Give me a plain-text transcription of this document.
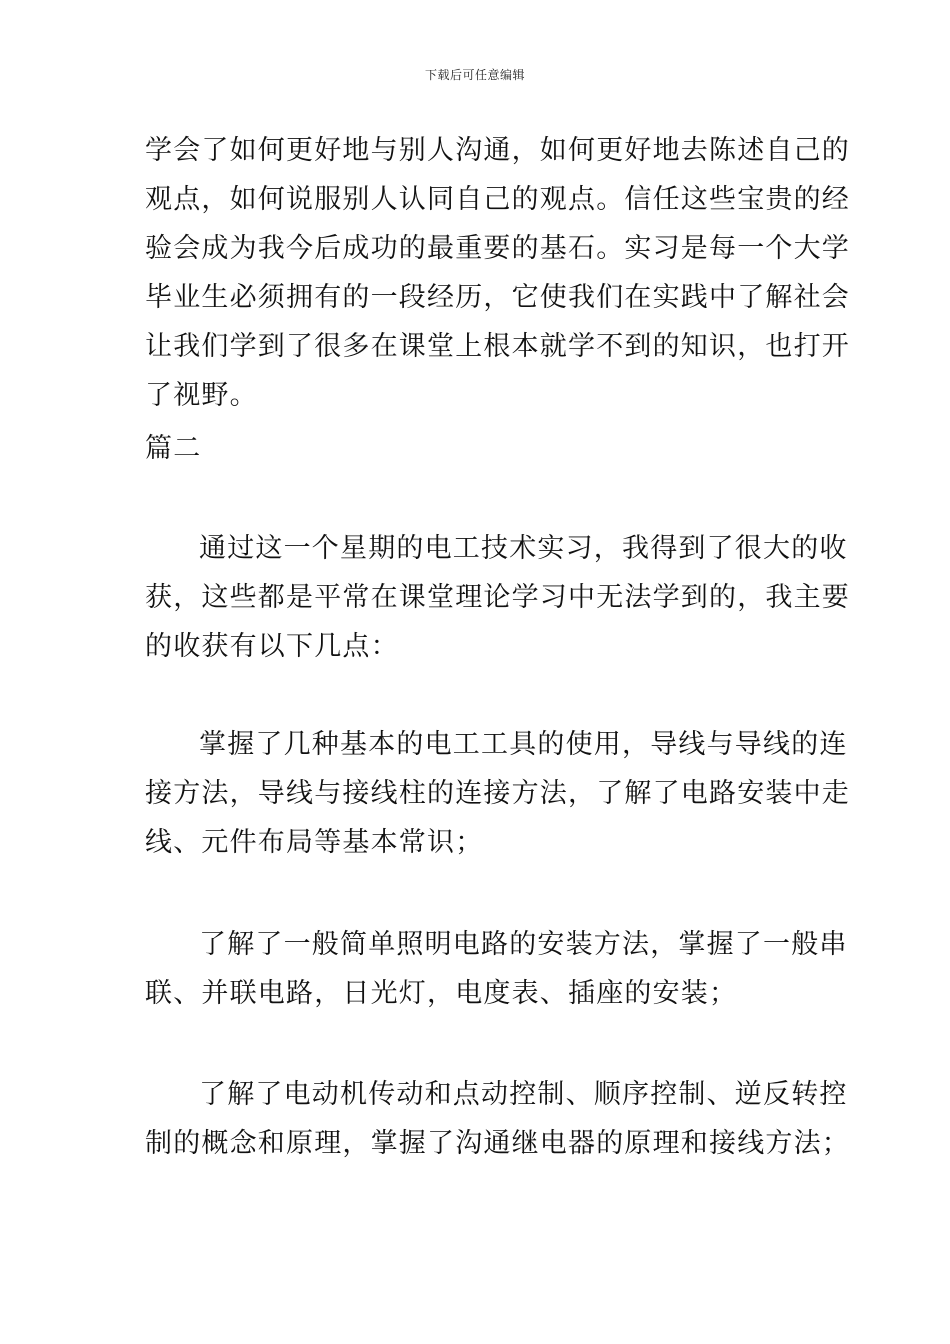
下载后可任意编辑
学会了如何更好地与别人沟通，如何更好地去陈述自己的
观点，如何说服别人认同自己的观点。信任这些宝贵的经
验会成为我今后成功的最重要的基石。实习是每一个大学
毕业生必须拥有的一段经历，它使我们在实践中了解社会
让我们学到了很多在课堂上根本就学不到的知识，也打开
了视野。
篇二
通过这一个星期的电工技术实习，我得到了很大的收
获，这些都是平常在课堂理论学习中无法学到的，我主要
的收获有以下几点：
掌握了几种基本的电工工具的使用，导线与导线的连
接方法，导线与接线柱的连接方法，了解了电路安装中走
线、元件布局等基本常识；
了解了一般简单照明电路的安装方法，掌握了一般串
联、并联电路，日光灯，电度表、插座的安装；
了解了电动机传动和点动控制、顺序控制、逆反转控
制的概念和原理，掌握了沟通继电器的原理和接线方法；
